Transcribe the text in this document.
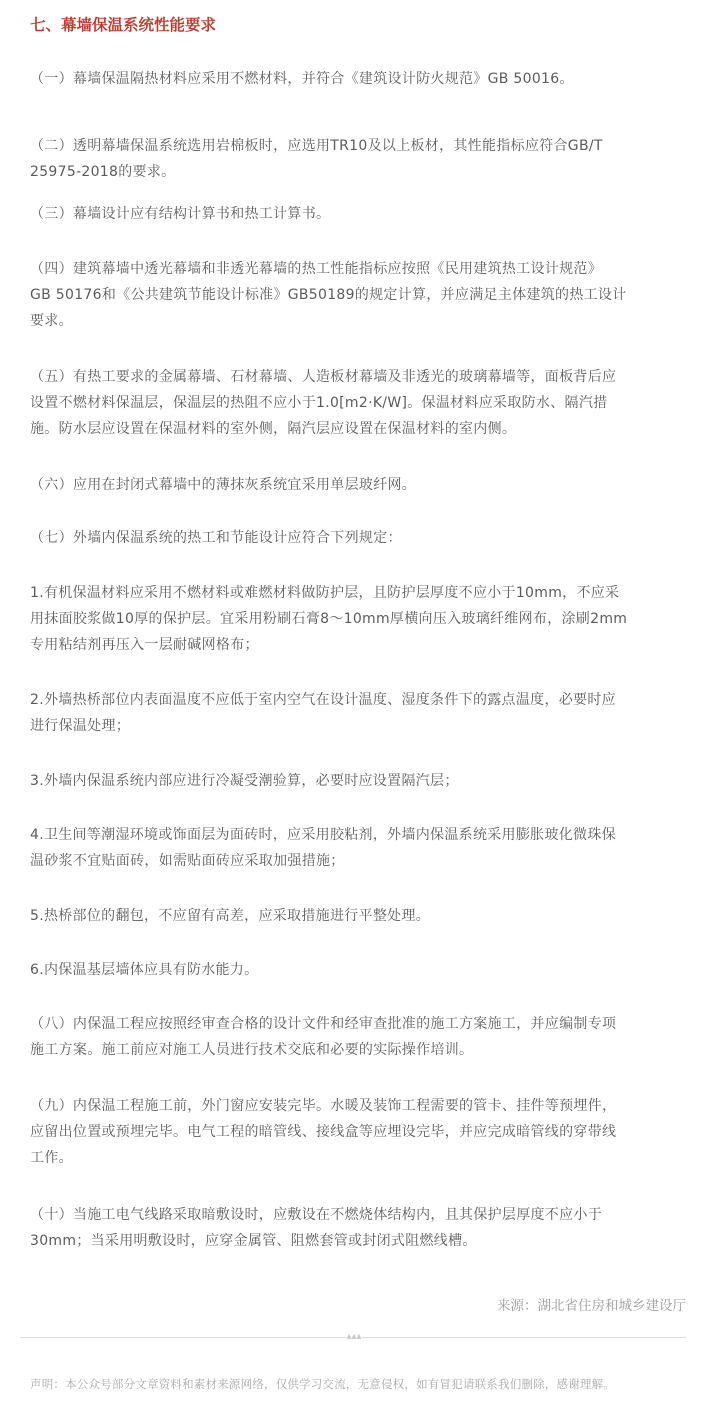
七、幕墙保温系统性能要求
（一）幕墙保温隔热材料应采用不燃材料，并符合《建筑设计防火规范》GB 50016。
（二）透明幕墙保温系统选用岩棉板时，应选用TR10及以上板材，其性能指标应符合GB/T
25975-2018的要求。
（三）幕墙设计应有结构计算书和热工计算书。
（四）建筑幕墙中透光幕墙和非透光幕墙的热工性能指标应按照《民用建筑热工设计规范》
GB 50176和《公共建筑节能设计标准》GB50189的规定计算，并应满足主体建筑的热工设计
要求。
（五）有热工要求的金属幕墙、石材幕墙、人造板材幕墙及非透光的玻璃幕墙等，面板背后应
设置不燃材料保温层，保温层的热阻不应小于1.0[m2·K/W]。保温材料应采取防水、隔汽措
施。防水层应设置在保温材料的室外侧，隔汽层应设置在保温材料的室内侧。
（六）应用在封闭式幕墙中的薄抹灰系统宜采用单层玻纤网。
（七）外墙内保温系统的热工和节能设计应符合下列规定：
1.有机保温材料应采用不燃材料或难燃材料做防护层，且防护层厚度不应小于10mm，不应采
用抹面胶浆做10厚的保护层。宜采用粉刷石膏8～10mm厚横向压入玻璃纤维网布，涂刷2mm
专用粘结剂再压入一层耐碱网格布；
2.外墙热桥部位内表面温度不应低于室内空气在设计温度、湿度条件下的露点温度，必要时应
进行保温处理；
3.外墙内保温系统内部应进行冷凝受潮验算，必要时应设置隔汽层；
4.卫生间等潮湿环境或饰面层为面砖时，应采用胶粘剂，外墙内保温系统采用膨胀玻化微珠保
温砂浆不宜贴面砖，如需贴面砖应采取加强措施；
5.热桥部位的翻包，不应留有高差，应采取措施进行平整处理。
6.内保温基层墙体应具有防水能力。
（八）内保温工程应按照经审查合格的设计文件和经审查批准的施工方案施工，并应编制专项
施工方案。施工前应对施工人员进行技术交底和必要的实际操作培训。
（九）内保温工程施工前，外门窗应安装完毕。水暖及装饰工程需要的管卡、挂件等预埋件，
应留出位置或预埋完毕。电气工程的暗管线、接线盒等应埋设完毕，并应完成暗管线的穿带线
工作。
（十）当施工电气线路采取暗敷设时，应敷设在不燃烧体结构内，且其保护层厚度不应小于
30mm；当采用明敷设时，应穿金属管、阻燃套管或封闭式阻燃线槽。
来源：湖北省住房和城乡建设厅
▴▴▴
声明：本公众号部分文章资料和素材来源网络，仅供学习交流，无意侵权，如有冒犯请联系我们删除，感谢理解。
